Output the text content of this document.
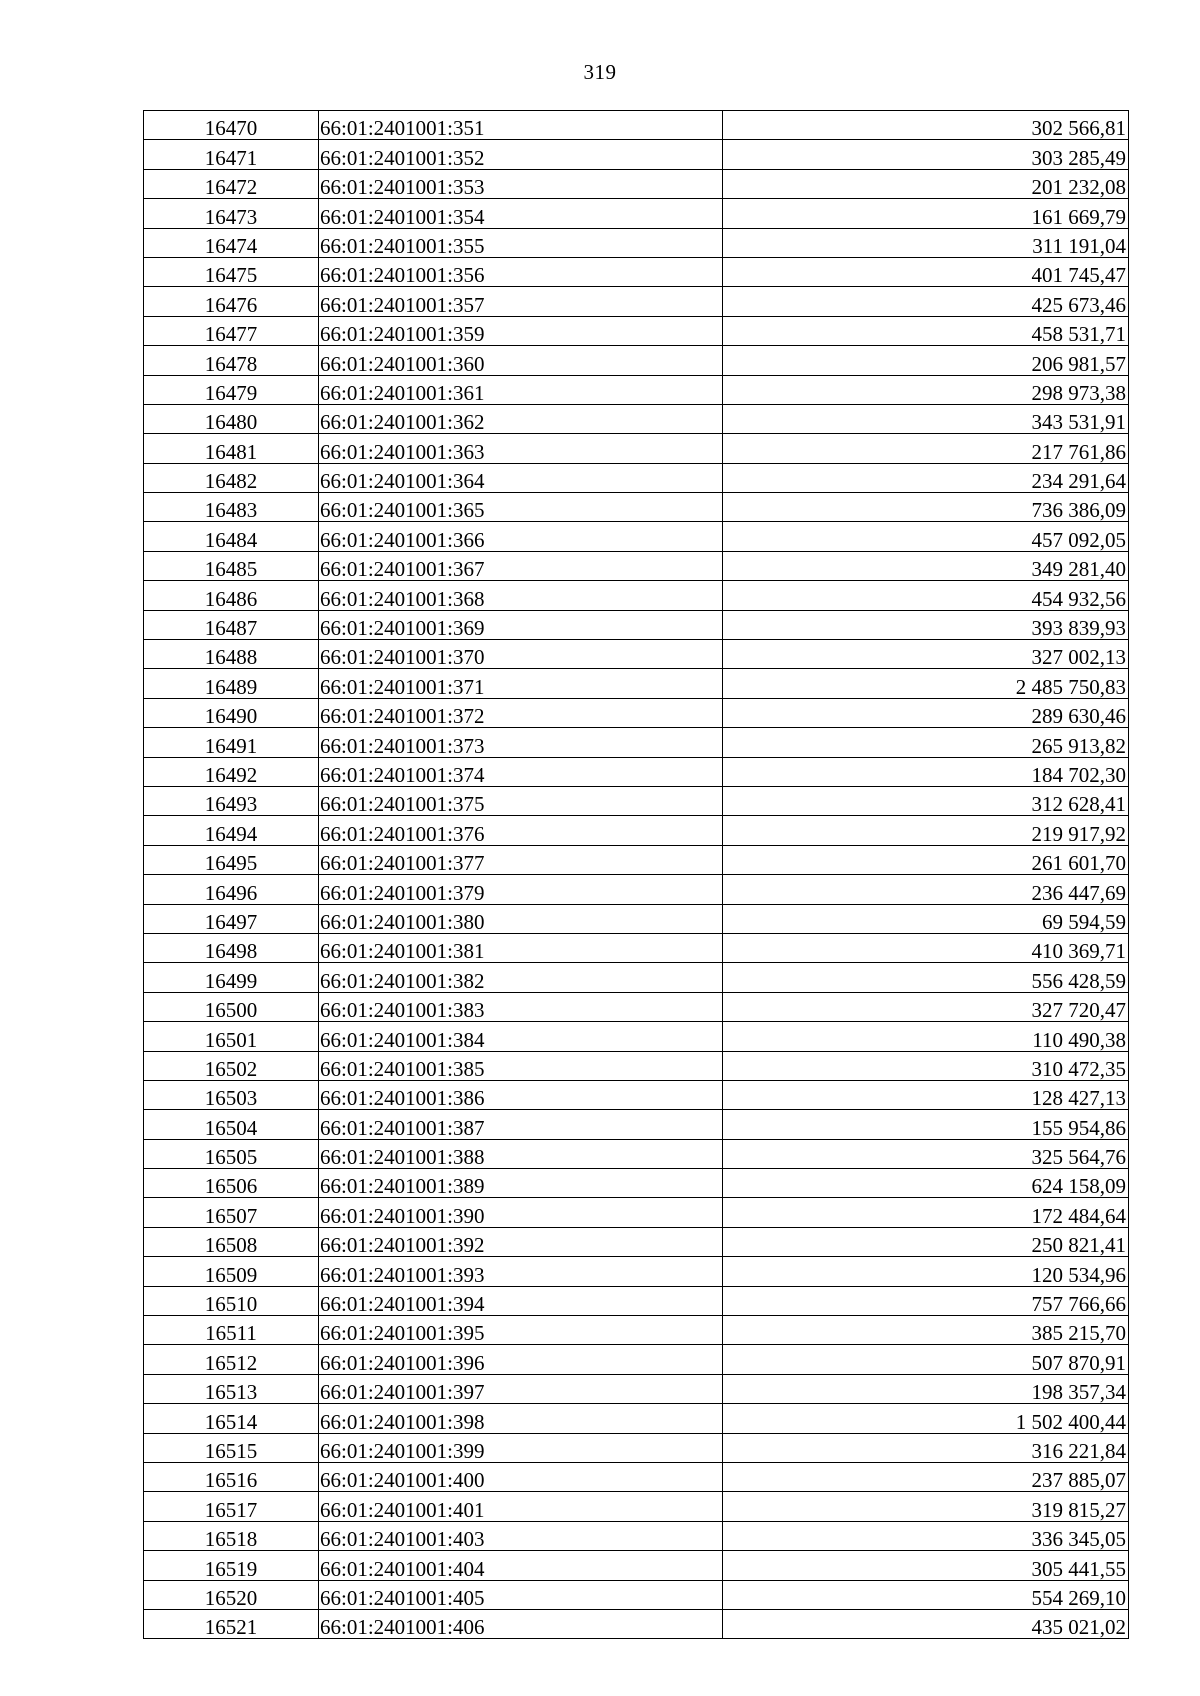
319
16470	66:01:2401001:351	302 566,81
16471	66:01:2401001:352	303 285,49
16472	66:01:2401001:353	201 232,08
16473	66:01:2401001:354	161 669,79
16474	66:01:2401001:355	311 191,04
16475	66:01:2401001:356	401 745,47
16476	66:01:2401001:357	425 673,46
16477	66:01:2401001:359	458 531,71
16478	66:01:2401001:360	206 981,57
16479	66:01:2401001:361	298 973,38
16480	66:01:2401001:362	343 531,91
16481	66:01:2401001:363	217 761,86
16482	66:01:2401001:364	234 291,64
16483	66:01:2401001:365	736 386,09
16484	66:01:2401001:366	457 092,05
16485	66:01:2401001:367	349 281,40
16486	66:01:2401001:368	454 932,56
16487	66:01:2401001:369	393 839,93
16488	66:01:2401001:370	327 002,13
16489	66:01:2401001:371	2 485 750,83
16490	66:01:2401001:372	289 630,46
16491	66:01:2401001:373	265 913,82
16492	66:01:2401001:374	184 702,30
16493	66:01:2401001:375	312 628,41
16494	66:01:2401001:376	219 917,92
16495	66:01:2401001:377	261 601,70
16496	66:01:2401001:379	236 447,69
16497	66:01:2401001:380	69 594,59
16498	66:01:2401001:381	410 369,71
16499	66:01:2401001:382	556 428,59
16500	66:01:2401001:383	327 720,47
16501	66:01:2401001:384	110 490,38
16502	66:01:2401001:385	310 472,35
16503	66:01:2401001:386	128 427,13
16504	66:01:2401001:387	155 954,86
16505	66:01:2401001:388	325 564,76
16506	66:01:2401001:389	624 158,09
16507	66:01:2401001:390	172 484,64
16508	66:01:2401001:392	250 821,41
16509	66:01:2401001:393	120 534,96
16510	66:01:2401001:394	757 766,66
16511	66:01:2401001:395	385 215,70
16512	66:01:2401001:396	507 870,91
16513	66:01:2401001:397	198 357,34
16514	66:01:2401001:398	1 502 400,44
16515	66:01:2401001:399	316 221,84
16516	66:01:2401001:400	237 885,07
16517	66:01:2401001:401	319 815,27
16518	66:01:2401001:403	336 345,05
16519	66:01:2401001:404	305 441,55
16520	66:01:2401001:405	554 269,10
16521	66:01:2401001:406	435 021,02
